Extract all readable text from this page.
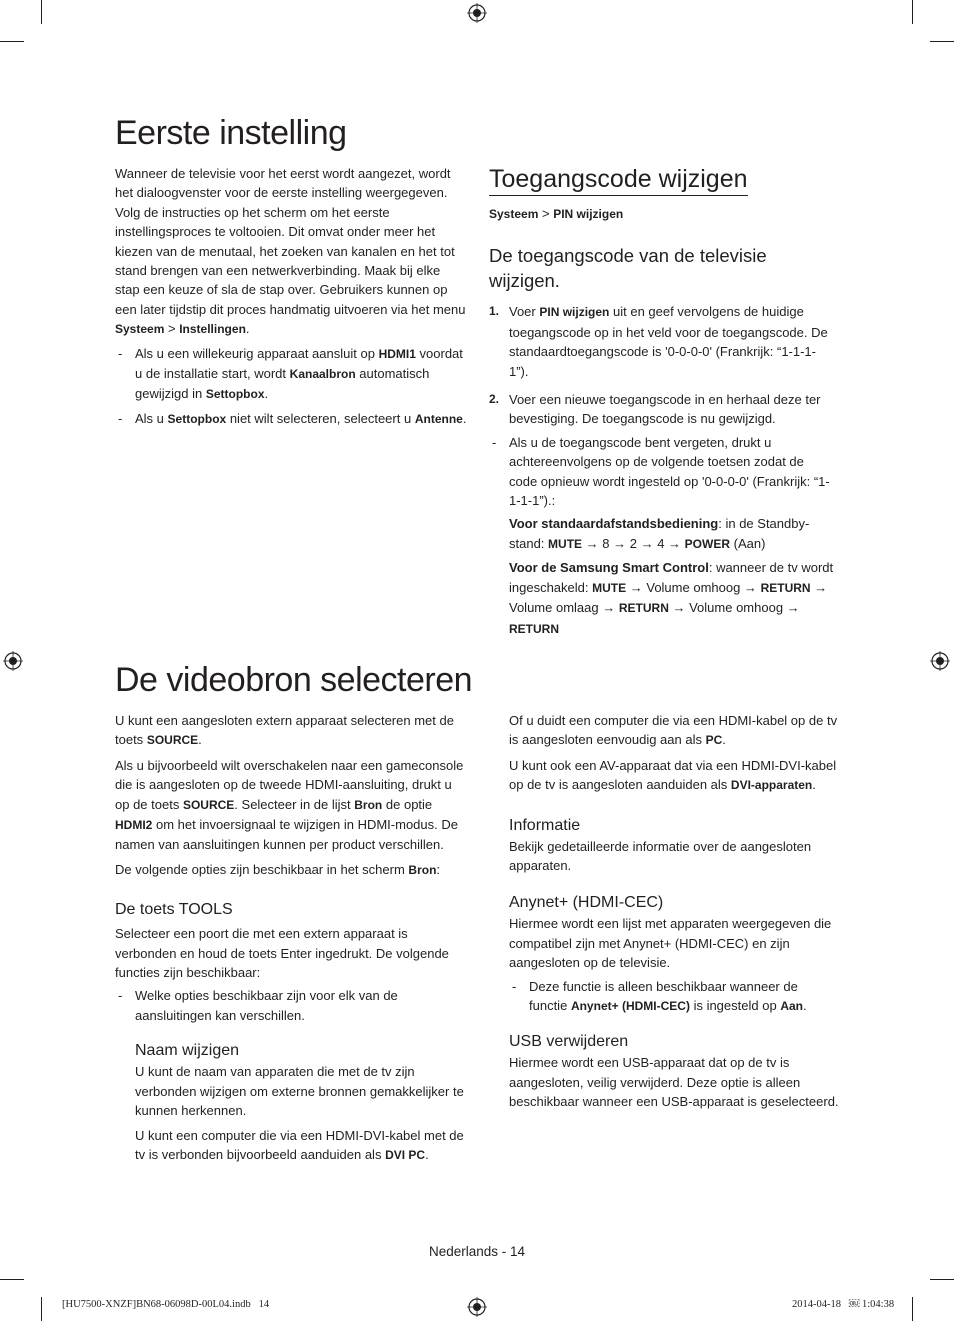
Eerste instelling

Wanneer de televisie voor het eerst wordt aangezet, wordt het dialoogvenster voor de eerste instelling weergegeven. Volg de instructies op het scherm om het eerste instellingsproces te voltooien. Dit omvat onder meer het kiezen van de menutaal, het zoeken van kanalen en het tot stand brengen van een netwerkverbinding. Maak bij elke stap een keuze of sla de stap over. Gebruikers kunnen op een later tijdstip dit proces handmatig uitvoeren via het menu Systeem > Instellingen.

- Als u een willekeurig apparaat aansluit op HDMI1 voordat u de installatie start, wordt Kanaalbron automatisch gewijzigd in Settopbox.

- Als u Settopbox niet wilt selecteren, selecteert u Antenne.

Toegangscode wijzigen
Systeem > PIN wijzigen
De toegangscode van de televisie wijzigen.

1. Voer PIN wijzigen uit en geef vervolgens de huidige toegangscode op in het veld voor de toegangscode. De standaardtoegangscode is '0-0-0-0' (Frankrijk: “1-1-1-1”).

2. Voer een nieuwe toegangscode in en herhaal deze ter bevestiging. De toegangscode is nu gewijzigd.

- Als u de toegangscode bent vergeten, drukt u achtereenvolgens op de volgende toetsen zodat de code opnieuw wordt ingesteld op '0-0-0-0' (Frankrijk: “1-1-1-1”).:

Voor standaardafstandsbediening: in de Standby-stand: MUTE → 8 → 2 → 4 → POWER (Aan)

Voor de Samsung Smart Control: wanneer de tv wordt ingeschakeld: MUTE → Volume omhoog → RETURN → Volume omlaag → RETURN → Volume omhoog → RETURN

De videobron selecteren

U kunt een aangesloten extern apparaat selecteren met de toets SOURCE.

Als u bijvoorbeeld wilt overschakelen naar een gameconsole die is aangesloten op de tweede HDMI-aansluiting, drukt u op de toets SOURCE. Selecteer in de lijst Bron de optie HDMI2 om het invoersignaal te wijzigen in HDMI-modus. De namen van aansluitingen kunnen per product verschillen.

De volgende opties zijn beschikbaar in het scherm Bron:

De toets TOOLS

Selecteer een poort die met een extern apparaat is verbonden en houd de toets Enter ingedrukt. De volgende functies zijn beschikbaar:

- Welke opties beschikbaar zijn voor elk van de aansluitingen kan verschillen.

Naam wijzigen

U kunt de naam van apparaten die met de tv zijn verbonden wijzigen om externe bronnen gemakkelijker te kunnen herkennen.

U kunt een computer die via een HDMI-DVI-kabel met de tv is verbonden bijvoorbeeld aanduiden als DVI PC.

Of u duidt een computer die via een HDMI-kabel op de tv is aangesloten eenvoudig aan als PC.

U kunt ook een AV-apparaat dat via een HDMI-DVI-kabel op de tv is aangesloten aanduiden als DVI-apparaten.

Informatie

Bekijk gedetailleerde informatie over de aangesloten apparaten.

Anynet+ (HDMI-CEC)

Hiermee wordt een lijst met apparaten weergegeven die compatibel zijn met Anynet+ (HDMI-CEC) en zijn aangesloten op de televisie.

- Deze functie is alleen beschikbaar wanneer de functie Anynet+ (HDMI-CEC) is ingesteld op Aan.

USB verwijderen

Hiermee wordt een USB-apparaat dat op de tv is aangesloten, veilig verwijderd. Deze optie is alleen beschikbaar wanneer een USB-apparaat is geselecteerd.

Nederlands - 14
[HU7500-XNZF]BN68-06098D-00L04.indb   14	2014-04-18   ￼ 1:04:38
